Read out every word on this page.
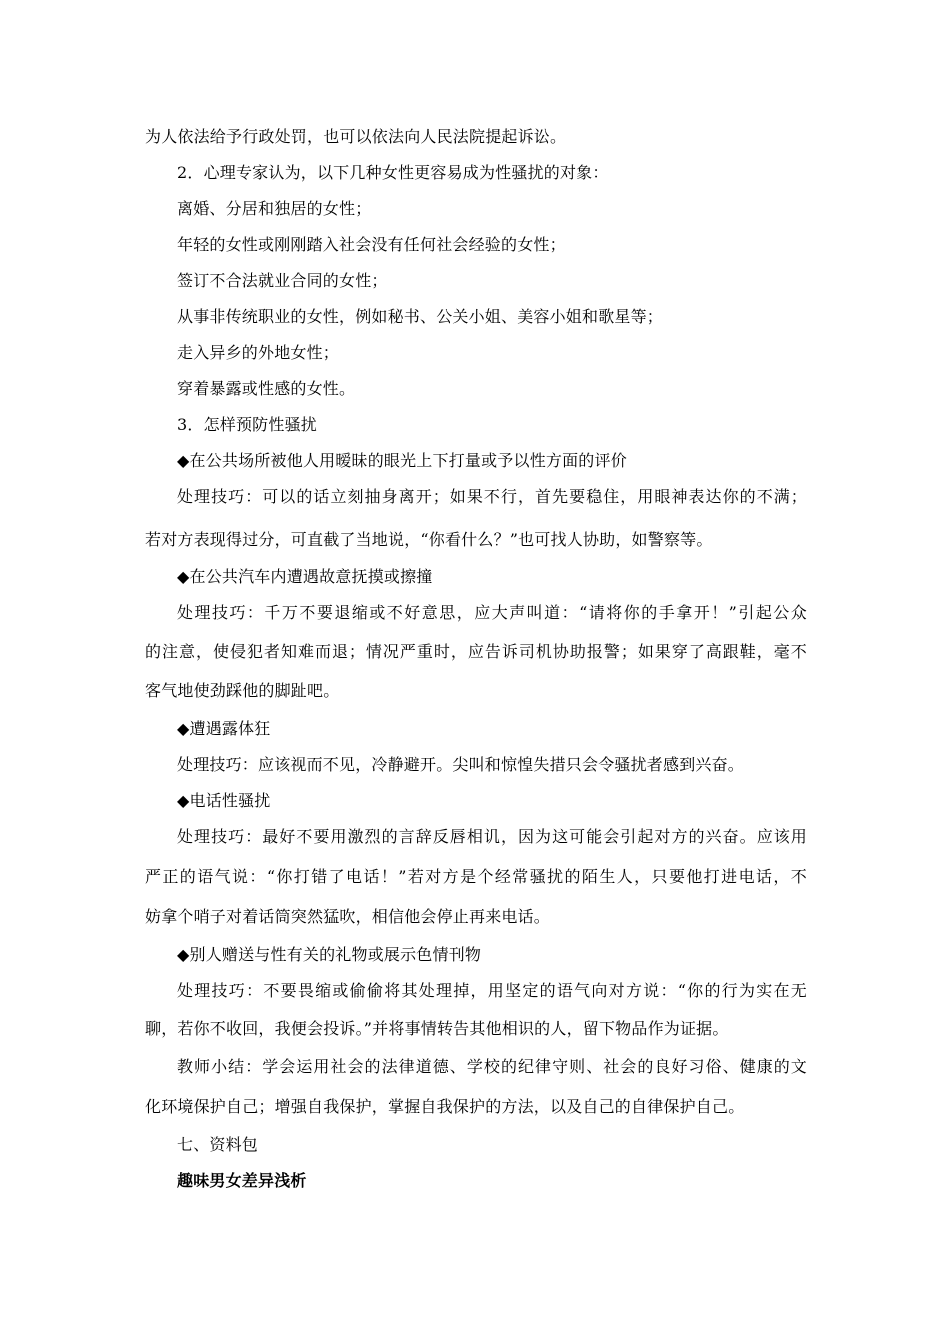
为人依法给予行政处罚，也可以依法向人民法院提起诉讼。
2．心理专家认为，以下几种女性更容易成为性骚扰的对象：
离婚、分居和独居的女性；
年轻的女性或刚刚踏入社会没有任何社会经验的女性；
签订不合法就业合同的女性；
从事非传统职业的女性，例如秘书、公关小姐、美容小姐和歌星等；
走入异乡的外地女性；
穿着暴露或性感的女性。
3．怎样预防性骚扰
◆在公共场所被他人用暧昧的眼光上下打量或予以性方面的评价
处理技巧：可以的话立刻抽身离开；如果不行，首先要稳住，用眼神表达你的不满；
若对方表现得过分，可直截了当地说，“你看什么？”也可找人协助，如警察等。
◆在公共汽车内遭遇故意抚摸或擦撞
处理技巧：千万不要退缩或不好意思，应大声叫道：“请将你的手拿开！”引起公众
的注意，使侵犯者知难而退；情况严重时，应告诉司机协助报警；如果穿了高跟鞋，毫不
客气地使劲踩他的脚趾吧。
◆遭遇露体狂
处理技巧：应该视而不见，冷静避开。尖叫和惊惶失措只会令骚扰者感到兴奋。
◆电话性骚扰
处理技巧：最好不要用激烈的言辞反唇相讥，因为这可能会引起对方的兴奋。应该用
严正的语气说：“你打错了电话！”若对方是个经常骚扰的陌生人，只要他打进电话，不
妨拿个哨子对着话筒突然猛吹，相信他会停止再来电话。
◆别人赠送与性有关的礼物或展示色情刊物
处理技巧：不要畏缩或偷偷将其处理掉，用坚定的语气向对方说：“你的行为实在无
聊，若你不收回，我便会投诉。”并将事情转告其他相识的人，留下物品作为证据。
教师小结：学会运用社会的法律道德、学校的纪律守则、社会的良好习俗、健康的文
化环境保护自己；增强自我保护，掌握自我保护的方法，以及自己的自律保护自己。
七、资料包
趣味男女差异浅析
